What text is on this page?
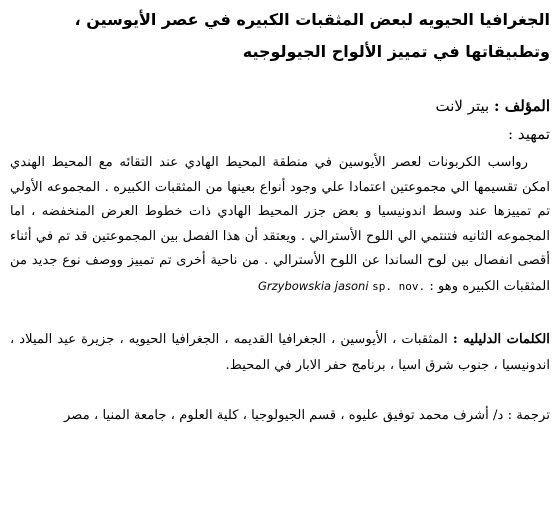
الجغرافيا الحيويه لبعض المثقبات الكبيره في عصر الأيوسين ، وتطبيقاتها في تمييز الألواح الجيولوجيه
المؤلف : بيتر لانت
تمهيد :

رواسب الكربونات لعصر الأيوسين في منطقة المحيط الهادي عند التقائه مع المحيط الهندي امكن تقسيمها الي مجموعتين اعتمادا علي وجود أنواع بعينها من المثقبات الكبيره . المجموعه الأولي تم تمييزها عند وسط اندونيسيا و بعض جزر المحيط الهادي ذات خطوط العرض المنخفضه ، اما المجموعه الثانيه فتنتمي الي اللوح الأسترالي . ويعتقد أن هذا الفصل بين المجموعتين قد تم في أثناء أقصى انفصال بين لوح الساندا عن اللوح الأسترالي . من ناحية أخرى تم تمييز ووصف نوع جديد من المثقبات الكبيره وهو : Grzybowskia jasoni sp. nov.

الكلمات الدليليه : المثقبات ، الأيوسين ، الجغرافيا القديمه ، الجغرافيا الحيويه ، جزيرة عيد الميلاد ، اندونيسيا ، جنوب شرق اسيا ، برنامج حفر الابار في المحيط.

ترجمة : د/ أشرف محمد توفيق عليوه ، قسم الجيولوجيا ، كلية العلوم ، جامعة المنيا ، مصر
